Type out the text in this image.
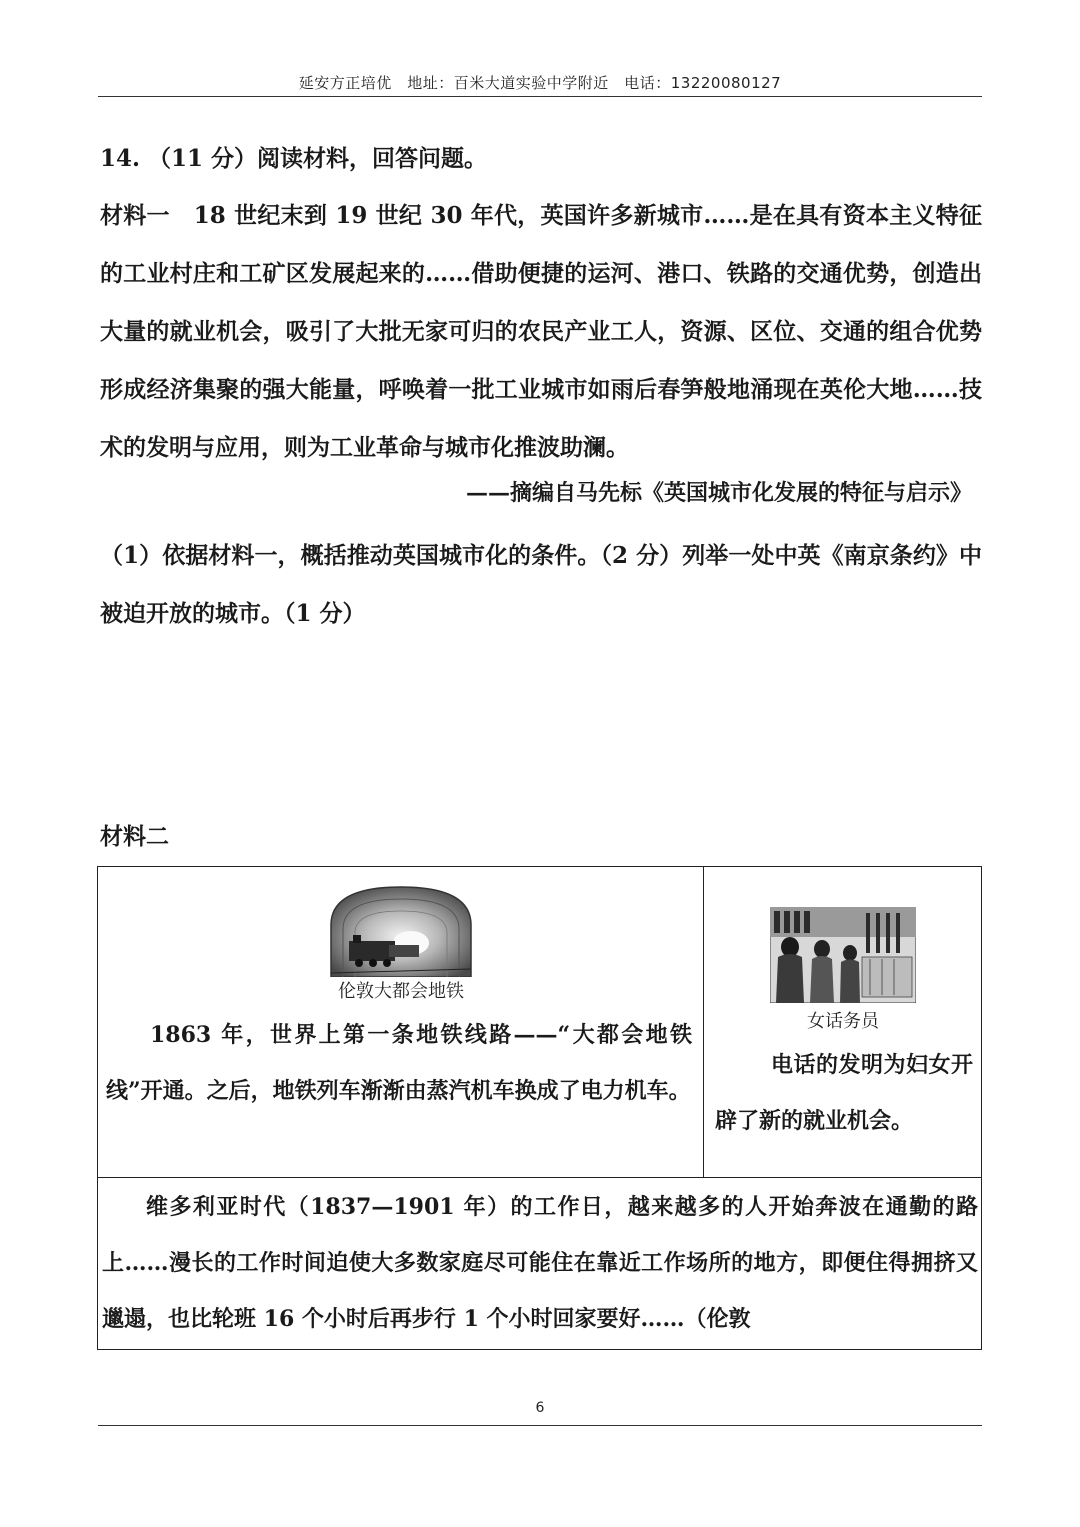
延安方正培优　地址：百米大道实验中学附近　电话：13220080127
14. （11 分）阅读材料，回答问题。
材料一 18 世纪末到 19 世纪 30 年代，英国许多新城市……是在具有资本主义特征的工业村庄和工矿区发展起来的……借助便捷的运河、港口、铁路的交通优势，创造出大量的就业机会，吸引了大批无家可归的农民产业工人，资源、区位、交通的组合优势形成经济集聚的强大能量，呼唤着一批工业城市如雨后春笋般地涌现在英伦大地……技术的发明与应用，则为工业革命与城市化推波助澜。
——摘编自马先标《英国城市化发展的特征与启示》
（1）依据材料一，概括推动英国城市化的条件。（2 分）列举一处中英《南京条约》中被迫开放的城市。（1 分）
材料二
伦敦大都会地铁
1863 年，世界上第一条地铁线路——“大都会地铁线”开通。之后，地铁列车渐渐由蒸汽机车换成了电力机车。
女话务员
电话的发明为妇女开辟了新的就业机会。
维多利亚时代（1837—1901 年）的工作日，越来越多的人开始奔波在通勤的路上……漫长的工作时间迫使大多数家庭尽可能住在靠近工作场所的地方，即便住得拥挤又邋遢，也比轮班 16 个小时后再步行 1 个小时回家要好……（伦敦
6
